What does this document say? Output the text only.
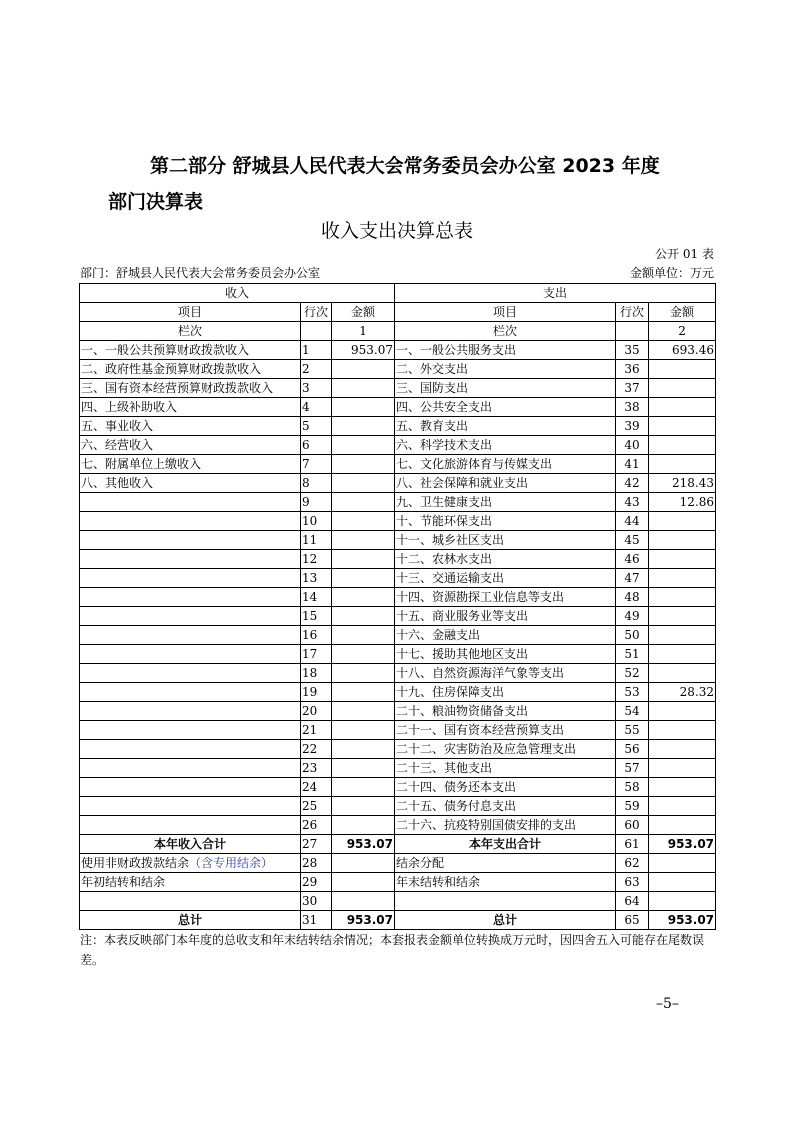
第二部分 舒城县人民代表大会常务委员会办公室 2023 年度
部门决算表
收入支出决算总表
公开 01 表
部门：舒城县人民代表大会常务委员会办公室	金额单位：万元
收入			支出		
项目	行次	金额	项目	行次	金额
栏次		1	栏次		2
一、一般公共预算财政拨款收入	1	953.07	一、一般公共服务支出	35	693.46
二、政府性基金预算财政拨款收入	2		二、外交支出	36	
三、国有资本经营预算财政拨款收入	3		三、国防支出	37	
四、上级补助收入	4		四、公共安全支出	38	
五、事业收入	5		五、教育支出	39	
六、经营收入	6		六、科学技术支出	40	
七、附属单位上缴收入	7		七、文化旅游体育与传媒支出	41	
八、其他收入	8		八、社会保障和就业支出	42	218.43
	9		九、卫生健康支出	43	12.86
	10		十、节能环保支出	44	
	11		十一、城乡社区支出	45	
	12		十二、农林水支出	46	
	13		十三、交通运输支出	47	
	14		十四、资源勘探工业信息等支出	48	
	15		十五、商业服务业等支出	49	
	16		十六、金融支出	50	
	17		十七、援助其他地区支出	51	
	18		十八、自然资源海洋气象等支出	52	
	19		十九、住房保障支出	53	28.32
	20		二十、粮油物资储备支出	54	
	21		二十一、国有资本经营预算支出	55	
	22		二十二、灾害防治及应急管理支出	56	
	23		二十三、其他支出	57	
	24		二十四、债务还本支出	58	
	25		二十五、债务付息支出	59	
	26		二十六、抗疫特别国债安排的支出	60	
本年收入合计	27	953.07	本年支出合计	61	953.07
使用非财政拨款结余（含专用结余）	28		结余分配	62	
年初结转和结余	29		年末结转和结余	63	
	30			64	
总计	31	953.07	总计	65	953.07
注：本表反映部门本年度的总收支和年末结转结余情况；本套报表金额单位转换成万元时，因四舍五入可能存在尾数误差。
–5–
